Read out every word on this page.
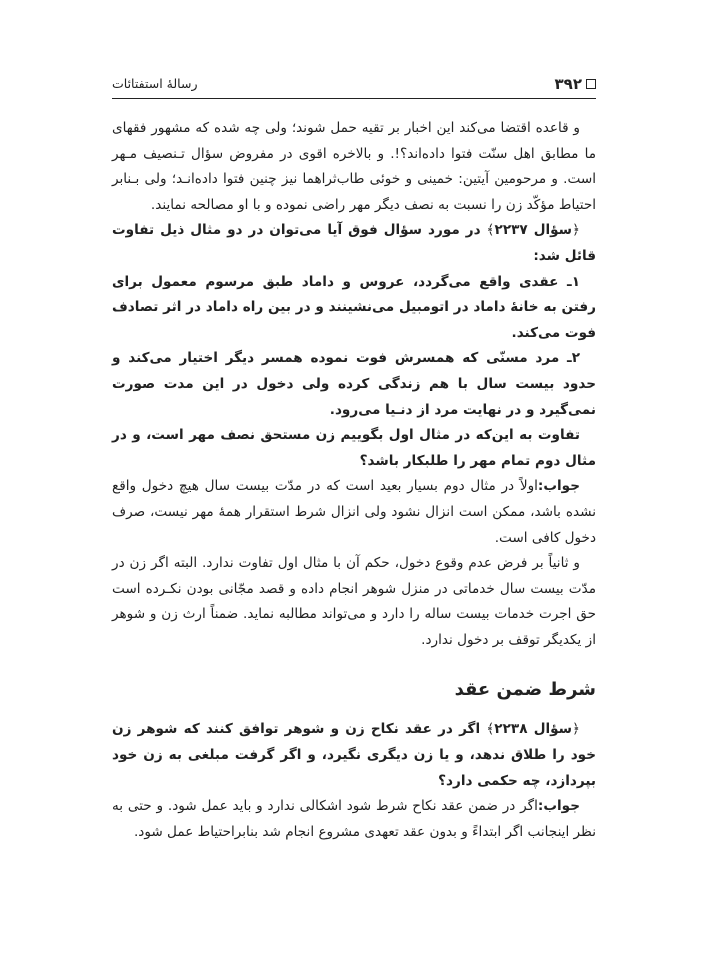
۳۹۲
رسالهٔ استفتائات

و قاعده اقتضا می‌کند این اخبار بر تقیه حمل شوند؛ ولی چه شده که مشهور فقهای ما مطابق اهل سنّت فتوا داده‌اند؟!. و بالاخره اقوی در مفروض سؤال تـنصیف مـهر است. و مرحومین آیتین: خمینی و خوئی طاب‌ثراهما نیز چنین فتوا داده‌انـد؛ ولی بـنابر احتیاط مؤکّد زن را نسبت به نصف دیگر مهر راضی نموده و با او مصالحه نمایند.

﴿سؤال ۲۲۳۷﴾ در مورد سؤال فوق آیا می‌توان در دو مثال ذیل تفاوت قائل شد:

۱ـ عقدی واقع می‌گردد، عروس و داماد طبق مرسوم معمول برای رفتن به خانهٔ داماد در اتومبیل می‌نشینند و در بین راه داماد در اثر تصادف فوت می‌کند.

۲ـ مرد مسنّی که همسرش فوت نموده همسر دیگر اختیار می‌کند و حدود بیست سال با هم زندگی کرده ولی دخول در این مدت صورت نمی‌گیرد و در نهایت مرد از دنـیا می‌رود.

تفاوت به این‌که در مثال اول بگوییم زن مستحق نصف مهر است، و در مثال دوم تمام مهر را طلبکار باشد؟

جواب:اولاً در مثال دوم بسیار بعید است که در مدّت بیست سال هیچ دخول واقع نشده باشد، ممکن است انزال نشود ولی انزال شرط استقرار همهٔ مهر نیست، صرف دخول کافی است.

و ثانیاً بر فرض عدم وقوع دخول، حکم آن با مثال اول تفاوت ندارد. البته اگر زن در مدّت بیست سال خدماتی در منزل شوهر انجام داده و قصد مجّانی بودن نکـرده است حق اجرت خدمات بیست ساله را دارد و می‌تواند مطالبه نماید. ضمناً ارث زن و شوهر از یکدیگر توقف بر دخول ندارد.

شرط ضمن عقد

﴿سؤال ۲۲۳۸﴾ اگر در عقد نکاح زن و شوهر توافق کنند که شوهر زن خود را طلاق ندهد، و یا زن دیگری نگیرد، و اگر گرفت مبلغی به زن خود بپردازد، چه حکمی دارد؟

جواب:اگر در ضمن عقد نکاح شرط شود اشکالی ندارد و باید عمل شود. و حتی به نظر اینجانب اگر ابتداءً و بدون عقد تعهدی مشروع انجام شد بنابراحتیاط عمل شود.
